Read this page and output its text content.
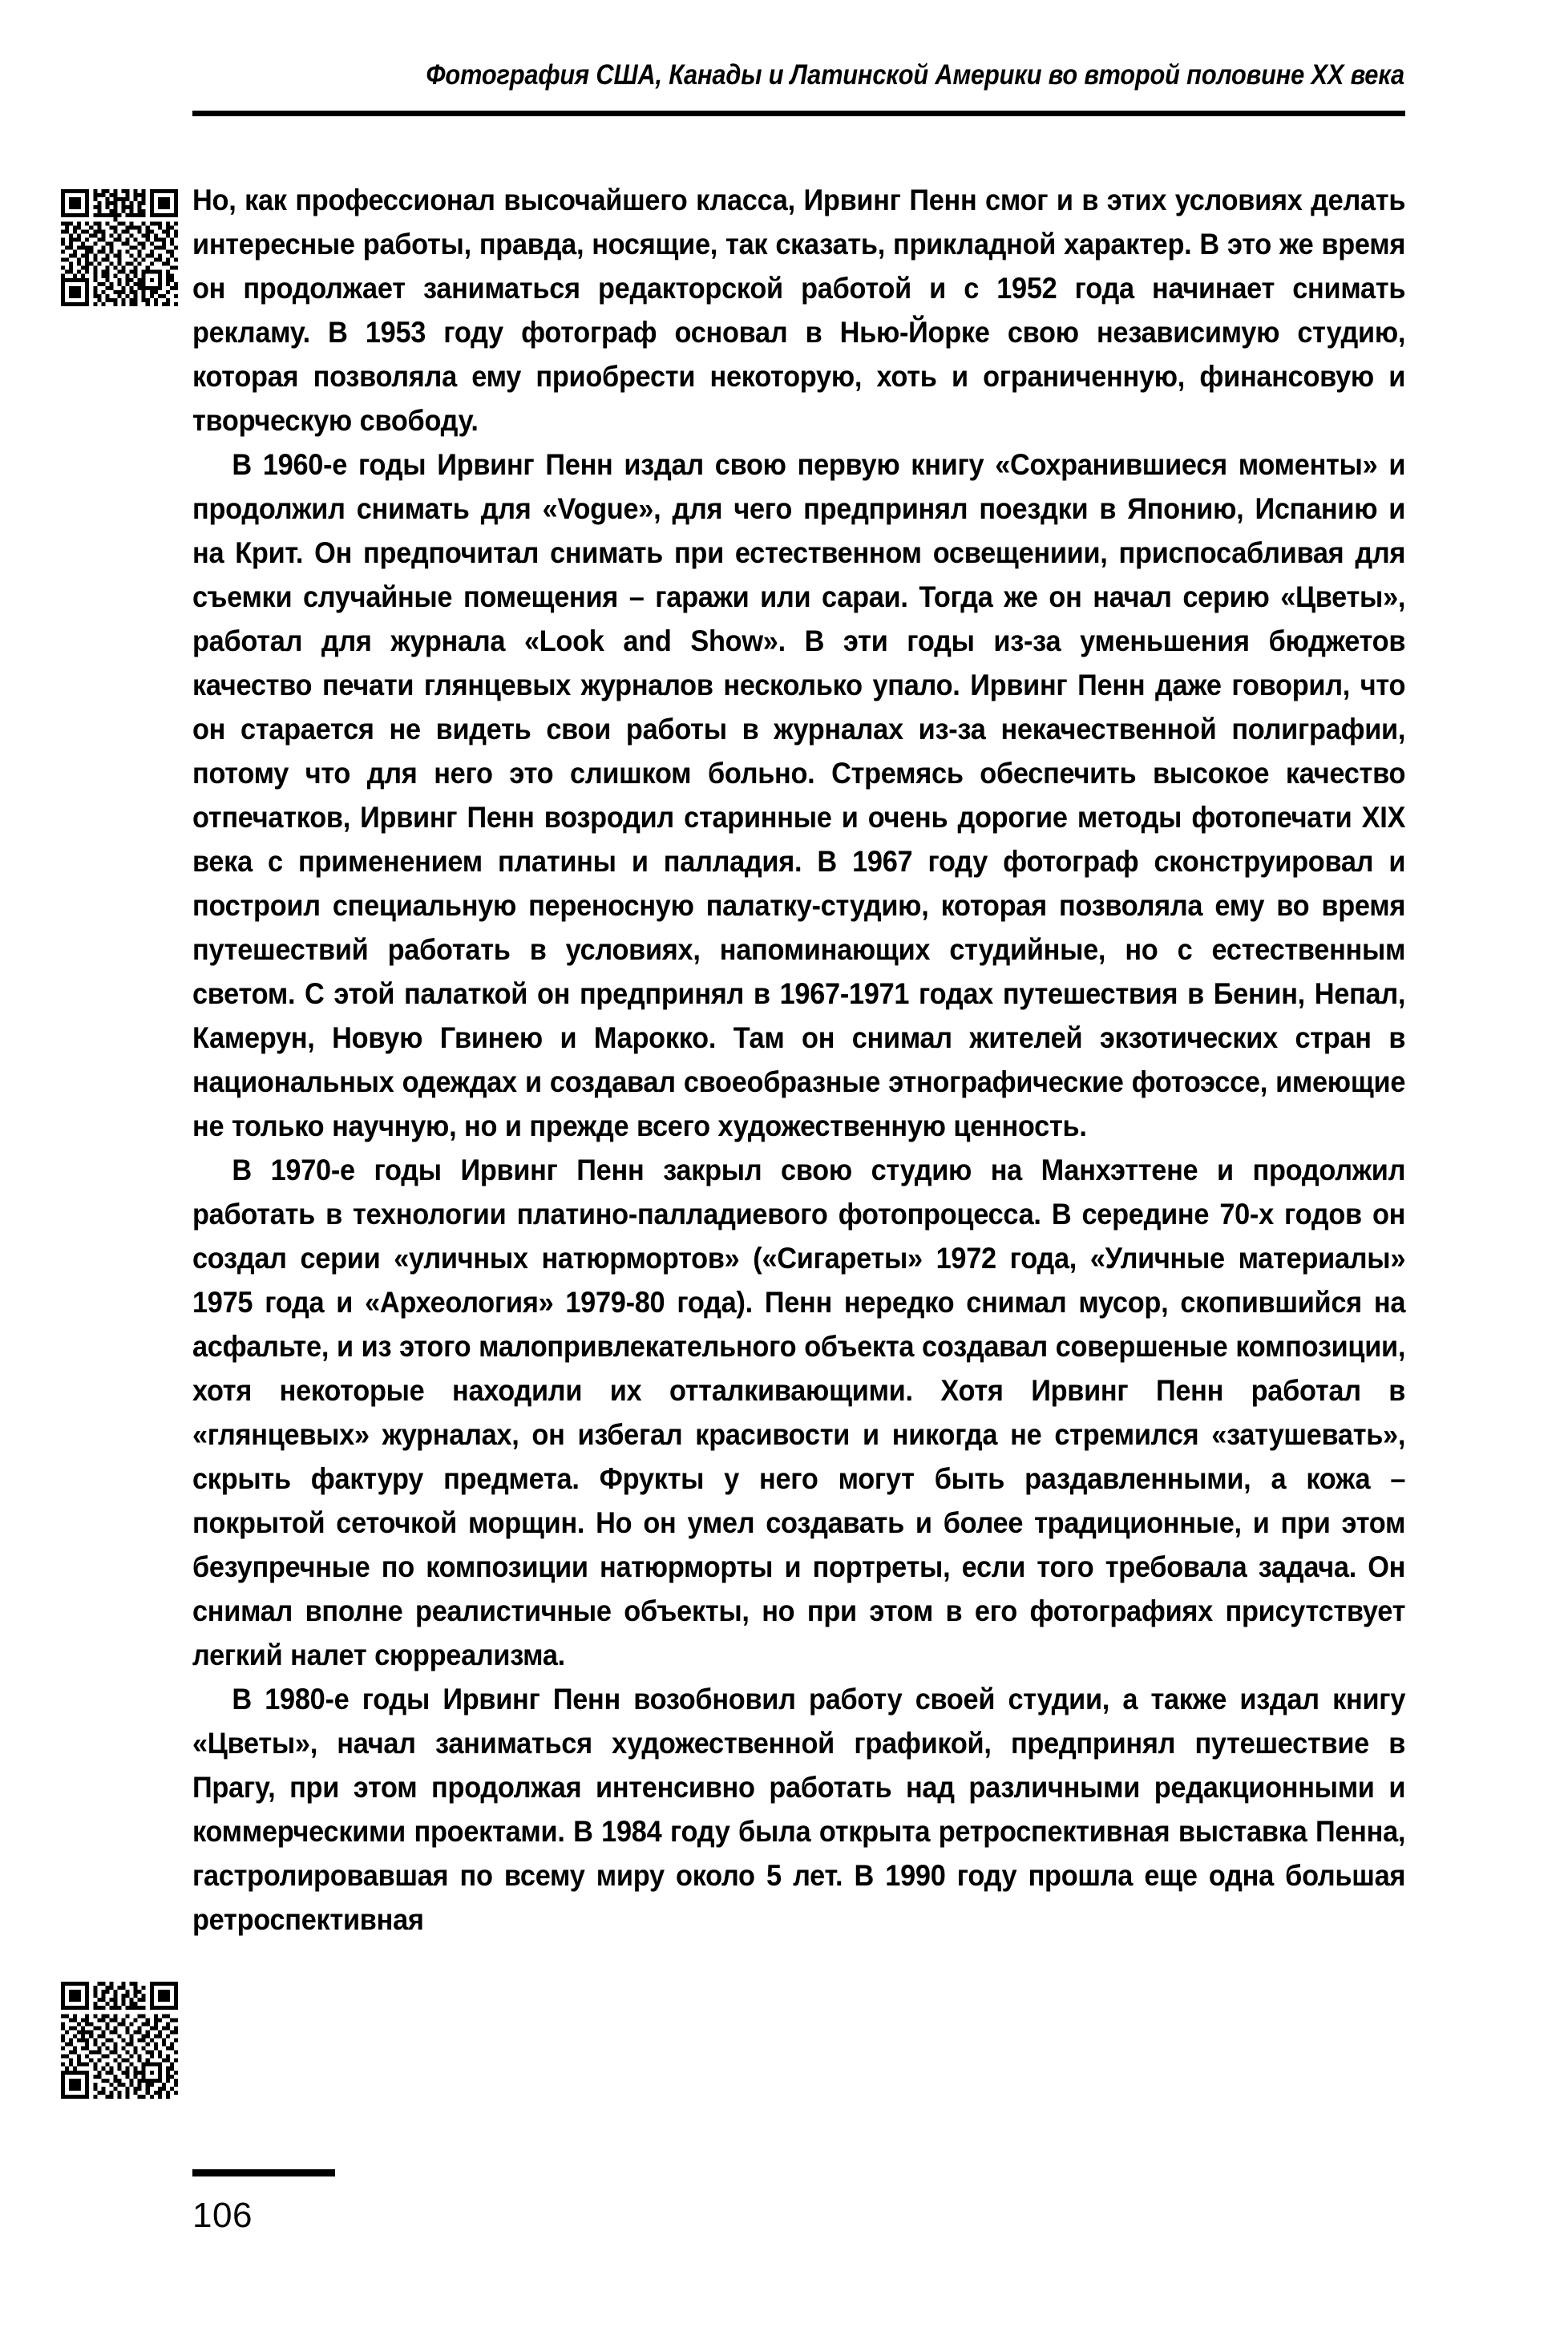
Фотография США, Канады и Латинской Америки во второй половине XX века

Но, как профессионал высочайшего класса, Ирвинг Пенн смог и в этих условиях делать интересные работы, правда, носящие, так сказать, прикладной характер. В это же время он продолжает заниматься редакторской работой и с 1952 года начинает снимать рекламу. В 1953 году фотограф основал в Нью-Йорке свою независимую студию, которая позволяла ему приобрести некоторую, хоть и ограниченную, финансовую и творческую свободу.

В 1960-е годы Ирвинг Пенн издал свою первую книгу «Сохранившиеся моменты» и продолжил снимать для «Vogue», для чего предпринял поездки в Японию, Испанию и на Крит. Он предпочитал снимать при естественном освещениии, приспосабливая для съемки случайные помещения – гаражи или сараи. Тогда же он начал серию «Цветы», работал для журнала «Look and Show». В эти годы из-за уменьшения бюджетов качество печати глянцевых журналов несколько упало. Ирвинг Пенн даже говорил, что он старается не видеть свои работы в журналах из-за некачественной полиграфии, потому что для него это слишком больно. Стремясь обеспечить высокое качество отпечатков, Ирвинг Пенн возродил старинные и очень дорогие методы фотопечати XIX века с применением платины и палладия. В 1967 году фотограф сконструировал и построил специальную переносную палатку-студию, которая позволяла ему во время путешествий работать в условиях, напоминающих студийные, но с естественным светом. С этой палаткой он предпринял в 1967-1971 годах путешествия в Бенин, Непал, Камерун, Новую Гвинею и Марокко. Там он снимал жителей экзотических стран в национальных одеждах и создавал своеобразные этнографические фотоэссе, имеющие не только научную, но и прежде всего художественную ценность.

В 1970-е годы Ирвинг Пенн закрыл свою студию на Манхэттене и продолжил работать в технологии платино-палладиевого фотопроцесса. В середине 70-х годов он создал серии «уличных натюрмортов» («Сигареты» 1972 года, «Уличные материалы» 1975 года и «Археология» 1979-80 года). Пенн нередко снимал мусор, скопившийся на асфальте, и из этого малопривлекательного объекта создавал совершеные композиции, хотя некоторые находили их отталкивающими. Хотя Ирвинг Пенн работал в «глянцевых» журналах, он избегал красивости и никогда не стремился «затушевать», скрыть фактуру предмета. Фрукты у него могут быть раздавленными, а кожа – покрытой сеточкой морщин. Но он умел создавать и более традиционные, и при этом безупречные по композиции натюрморты и портреты, если того требовала задача. Он снимал вполне реалистичные объекты, но при этом в его фотографиях присутствует легкий налет сюрреализма.

В 1980-е годы Ирвинг Пенн возобновил работу своей студии, а также издал книгу «Цветы», начал заниматься художественной графикой, предпринял путешествие в Прагу, при этом продолжая интенсивно работать над различными редакционными и коммерческими проектами. В 1984 году была открыта ретроспективная выставка Пенна, гастролировавшая по всему миру около 5 лет. В 1990 году прошла еще одна большая ретроспективная

106
